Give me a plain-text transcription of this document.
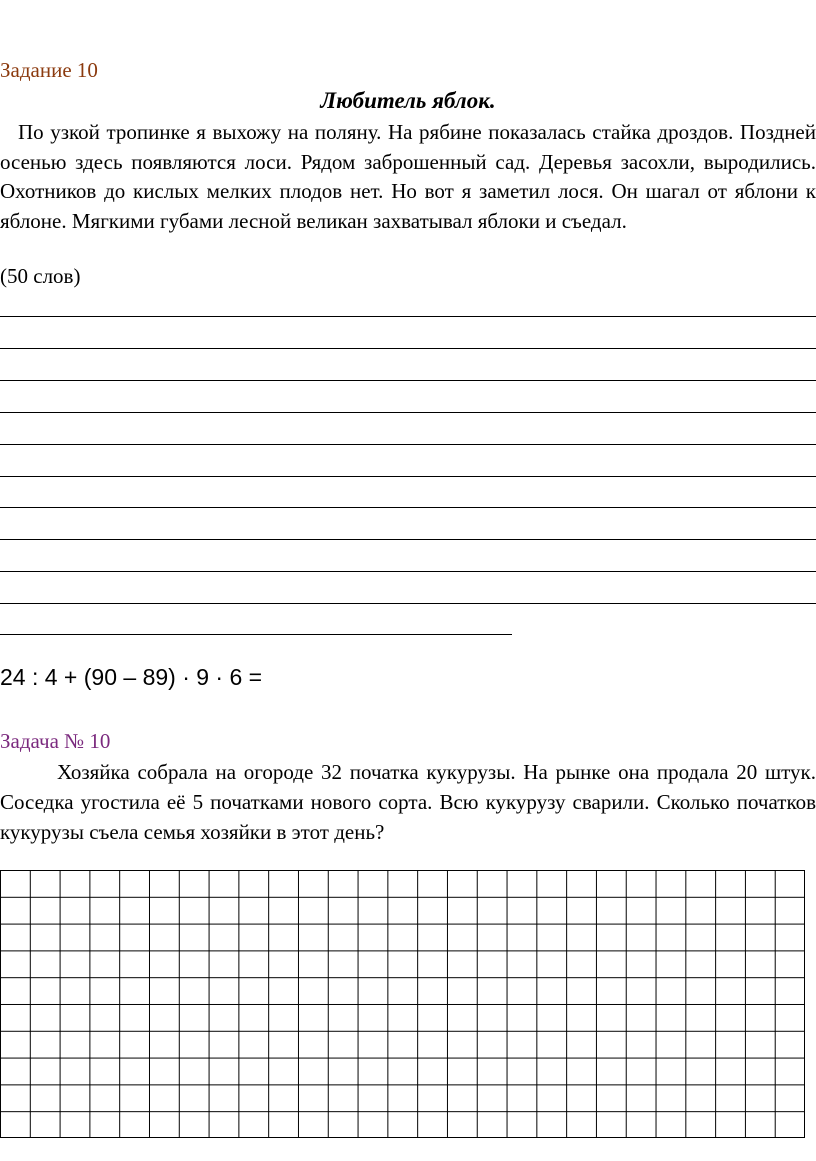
Задание 10
Любитель яблок.
По узкой тропинке я выхожу на поляну. На рябине показалась стайка дроздов. Поздней осенью здесь появляются лоси. Рядом заброшенный сад. Деревья засохли, выродились. Охотников до кислых мелких плодов нет. Но вот я заметил лося. Он шагал от яблони к яблоне. Мягкими губами лесной великан захватывал яблоки и съедал.
(50 слов)
24 : 4 + (90 – 89) · 9 · 6 =
Задача № 10
Хозяйка собрала на огороде 32 початка кукурузы. На рынке она продала 20 штук. Соседка угостила её 5 початками нового сорта. Всю кукурузу сварили. Сколько початков кукурузы съела семья хозяйки в этот день?
